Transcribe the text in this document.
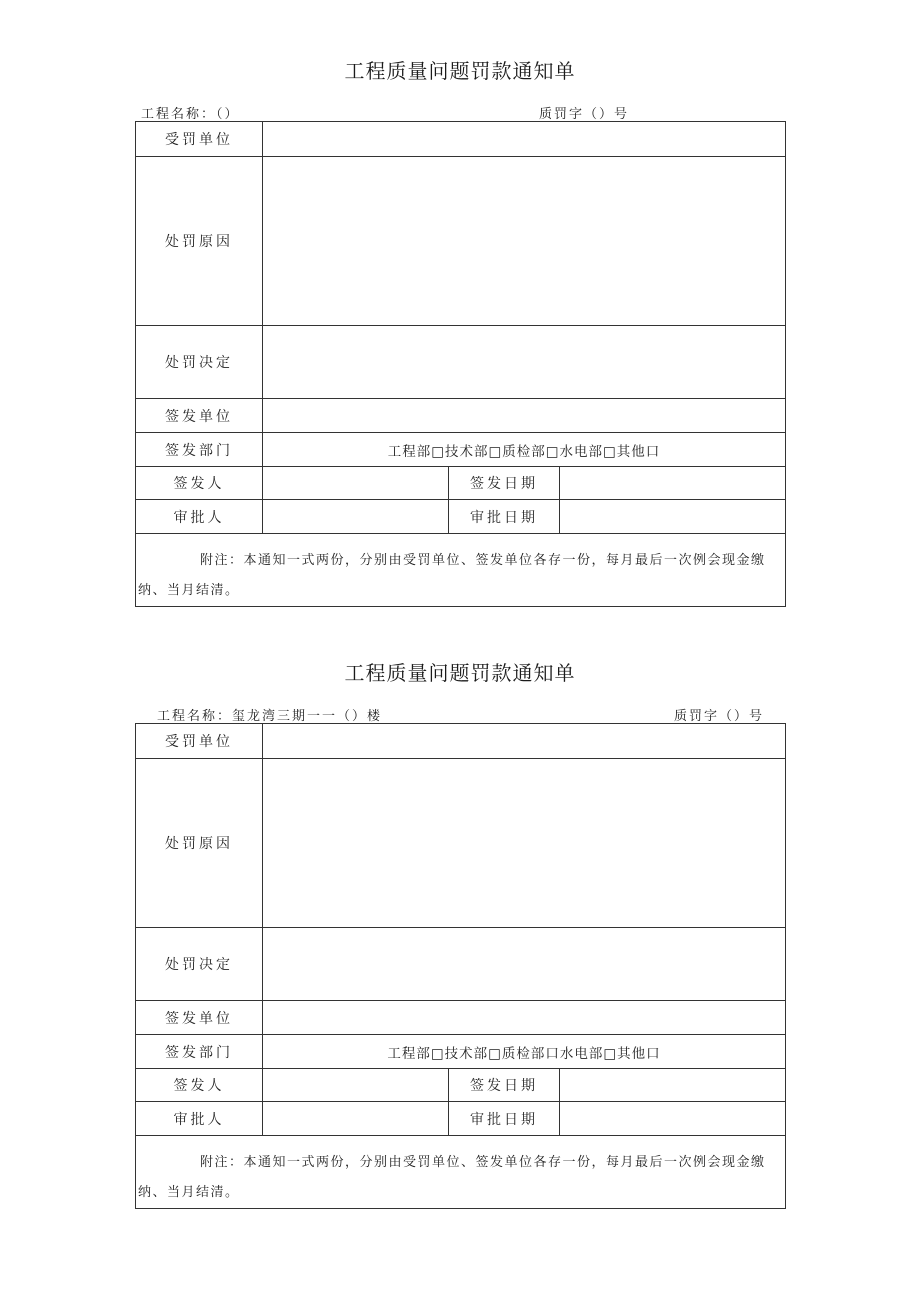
工程质量问题罚款通知单
工程名称：（）	质罚字（）号
受罚单位			
处罚原因			
处罚决定			
签发单位			
签发部门	工程部□技术部□质检部□水电部□其他口		
签发人		签发日期	
审批人		审批日期	
附注：本通知一式两份，分别由受罚单位、签发单位各存一份，每月最后一次例会现金缴纳、当月结清。			
工程质量问题罚款通知单
工程名称：玺龙湾三期一一（）楼	质罚字（）号
受罚单位			
处罚原因			
处罚决定			
签发单位			
签发部门	工程部□技术部□质检部口水电部□其他口		
签发人		签发日期	
审批人		审批日期	
附注：本通知一式两份，分别由受罚单位、签发单位各存一份，每月最后一次例会现金缴纳、当月结清。			
